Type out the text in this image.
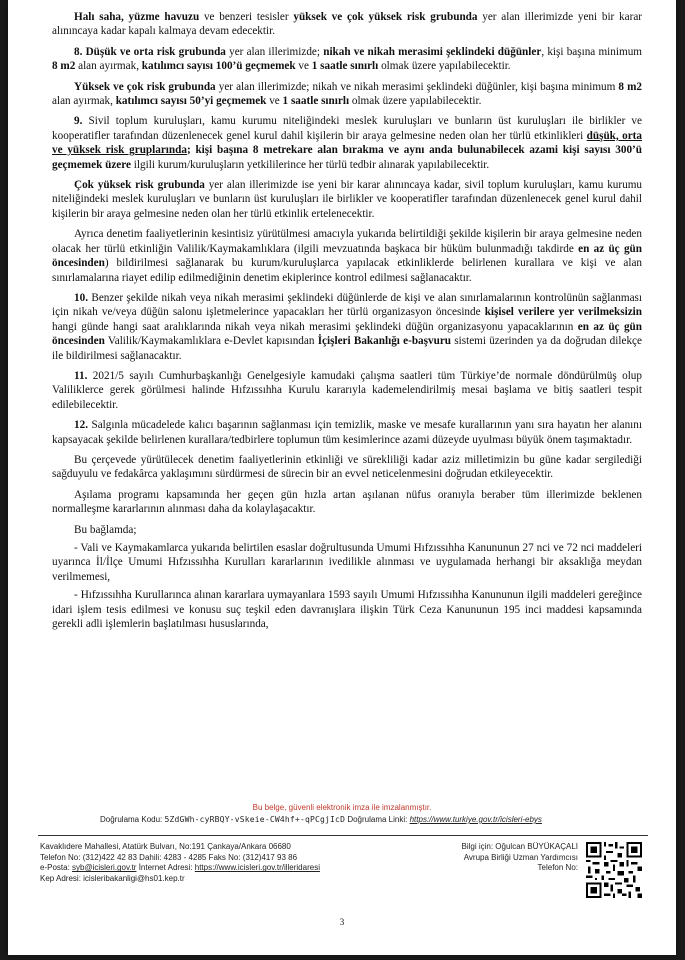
Halı saha, yüzme havuzu ve benzeri tesisler yüksek ve çok yüksek risk grubunda yer alan illerimizde yeni bir karar alınıncaya kadar kapalı kalmaya devam edecektir.

8. Düşük ve orta risk grubunda yer alan illerimizde; nikah ve nikah merasimi şeklindeki düğünler, kişi başına minimum 8 m2 alan ayırmak, katılımcı sayısı 100’ü geçmemek ve 1 saatle sınırlı olmak üzere yapılabilecektir.

Yüksek ve çok risk grubunda yer alan illerimizde; nikah ve nikah merasimi şeklindeki düğünler, kişi başına minimum 8 m2 alan ayırmak, katılımcı sayısı 50’yi geçmemek ve 1 saatle sınırlı olmak üzere yapılabilecektir.

9. Sivil toplum kuruluşları, kamu kurumu niteliğindeki meslek kuruluşları ve bunların üst kuruluşları ile birlikler ve kooperatifler tarafından düzenlenecek genel kurul dahil kişilerin bir araya gelmesine neden olan her türlü etkinlikleri düşük, orta ve yüksek risk gruplarında; kişi başına 8 metrekare alan bırakma ve aynı anda bulunabilecek azami kişi sayısı 300’ü geçmemek üzere ilgili kurum/kuruluşların yetkililerince her türlü tedbir alınarak yapılabilecektir.

Çok yüksek risk grubunda yer alan illerimizde ise yeni bir karar alınıncaya kadar, sivil toplum kuruluşları, kamu kurumu niteliğindeki meslek kuruluşları ve bunların üst kuruluşları ile birlikler ve kooperatifler tarafından düzenlenecek genel kurul dahil kişilerin bir araya gelmesine neden olan her türlü etkinlik ertelenecektir.

Ayrıca denetim faaliyetlerinin kesintisiz yürütülmesi amacıyla yukarıda belirtildiği şekilde kişilerin bir araya gelmesine neden olacak her türlü etkinliğin Valilik/Kaymakamlıklara (ilgili mevzuatında başkaca bir hüküm bulunmadığı takdirde en az üç gün öncesinden) bildirilmesi sağlanarak bu kurum/kuruluşlarca yapılacak etkinliklerde belirlenen kurallara ve kişi ve alan sınırlamalarına riayet edilip edilmediğinin denetim ekiplerince kontrol edilmesi sağlanacaktır.

10. Benzer şekilde nikah veya nikah merasimi şeklindeki düğünlerde de kişi ve alan sınırlamalarının kontrolünün sağlanması için nikah ve/veya düğün salonu işletmelerince yapacakları her türlü organizasyon öncesinde kişisel verilere yer verilmeksizin hangi günde hangi saat aralıklarında nikah veya nikah merasimi şeklindeki düğün organizasyonu yapacaklarının en az üç gün öncesinden Valilik/Kaymakamlıklara e-Devlet kapısından İçişleri Bakanlığı e-başvuru sistemi üzerinden ya da doğrudan dilekçe ile bildirilmesi sağlanacaktır.

11. 2021/5 sayılı Cumhurbaşkanlığı Genelgesiyle kamudaki çalışma saatleri tüm Türkiye’de normale döndürülmüş olup Valiliklerce gerek görülmesi halinde Hıfzıssıhha Kurulu kararıyla kademelendirilmiş mesai başlama ve bitiş saatleri tespit edilebilecektir.

12. Salgınla mücadelede kalıcı başarının sağlanması için temizlik, maske ve mesafe kurallarının yanı sıra hayatın her alanını kapsayacak şekilde belirlenen kurallara/tedbirlere toplumun tüm kesimlerince azami düzeyde uyulması büyük önem taşımaktadır.

Bu çerçevede yürütülecek denetim faaliyetlerinin etkinliği ve sürekliliği kadar aziz milletimizin bu güne kadar sergilediği sağduyulu ve fedakârca yaklaşımını sürdürmesi de sürecin bir an evvel neticelenmesini doğrudan etkileyecektir.

Aşılama programı kapsamında her geçen gün hızla artan aşılanan nüfus oranıyla beraber tüm illerimizde beklenen normalleşme kararlarının alınması daha da kolaylaşacaktır.

Bu bağlamda;

- Vali ve Kaymakamlarca yukarıda belirtilen esaslar doğrultusunda Umumi Hıfzıssıhha Kanununun 27 nci ve 72 nci maddeleri uyarınca İl/İlçe Umumi Hıfzıssıhha Kurulları kararlarının ivedilikle alınması ve uygulamada herhangi bir aksaklığa meydan verilmemesi,

- Hıfzıssıhha Kurullarınca alınan kararlara uymayanlara 1593 sayılı Umumi Hıfzıssıhha Kanununun ilgili maddeleri gereğince idari işlem tesis edilmesi ve konusu suç teşkil eden davranışlara ilişkin Türk Ceza Kanununun 195 inci maddesi kapsamında gerekli adli işlemlerin başlatılması hususlarında,

Bu belge, güvenli elektronik imza ile imzalanmıştır.
Doğrulama Kodu: 5ZdGWh-cyRBQY-vSkeie-CW4hf+-qPCgjIcD Doğrulama Linki: https://www.turkiye.gov.tr/icisleri-ebys
Kavaklıdere Mahallesi, Atatürk Bulvarı, No:191 Çankaya/Ankara 06680
Telefon No: (312)422 42 83 Dahili: 4283 - 4285 Faks No: (312)417 93 86
e-Posta: syb@icisleri.gov.tr İnternet Adresi: https://www.icisleri.gov.tr/illeridaresi
Kep Adresi: icisleribakanligi@hs01.kep.tr
Bilgi için: Oğulcan BÜYÜKAÇALI
Avrupa Birliği Uzman Yardımcısı
Telefon No:
3
